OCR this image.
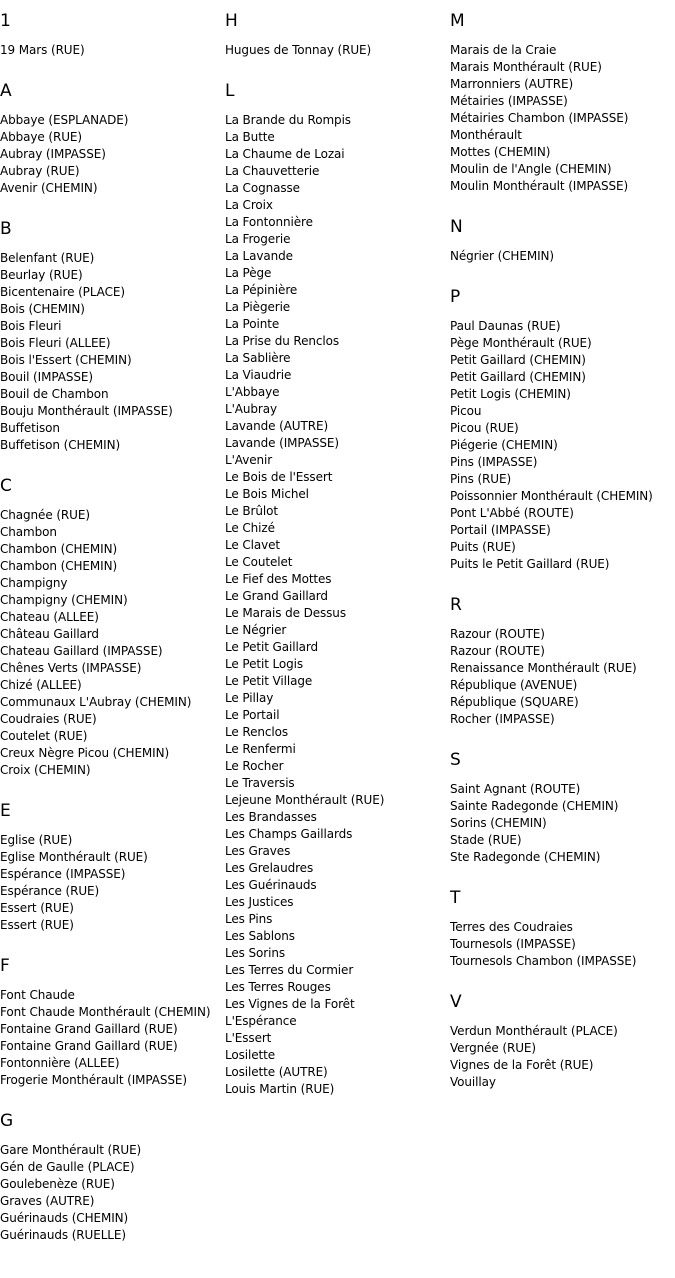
1
19 Mars (RUE)
A
Abbaye (ESPLANADE)
Abbaye (RUE)
Aubray (IMPASSE)
Aubray (RUE)
Avenir (CHEMIN)
B
Belenfant (RUE)
Beurlay (RUE)
Bicentenaire (PLACE)
Bois (CHEMIN)
Bois Fleuri
Bois Fleuri (ALLEE)
Bois l'Essert (CHEMIN)
Bouil (IMPASSE)
Bouil de Chambon
Bouju Monthérault (IMPASSE)
Buffetison
Buffetison (CHEMIN)
C
Chagnée (RUE)
Chambon
Chambon (CHEMIN)
Chambon (CHEMIN)
Champigny
Champigny (CHEMIN)
Chateau (ALLEE)
Château Gaillard
Chateau Gaillard (IMPASSE)
Chênes Verts (IMPASSE)
Chizé (ALLEE)
Communaux L'Aubray (CHEMIN)
Coudraies (RUE)
Coutelet (RUE)
Creux Nègre Picou (CHEMIN)
Croix (CHEMIN)
E
Eglise (RUE)
Eglise Monthérault (RUE)
Espérance (IMPASSE)
Espérance (RUE)
Essert (RUE)
Essert (RUE)
F
Font Chaude
Font Chaude Monthérault (CHEMIN)
Fontaine Grand Gaillard (RUE)
Fontaine Grand Gaillard (RUE)
Fontonnière (ALLEE)
Frogerie Monthérault (IMPASSE)
G
Gare Monthérault (RUE)
Gén de Gaulle (PLACE)
Goulebenèze (RUE)
Graves (AUTRE)
Guérinauds (CHEMIN)
Guérinauds (RUELLE)
H
Hugues de Tonnay (RUE)
L
La Brande du Rompis
La Butte
La Chaume de Lozai
La Chauvetterie
La Cognasse
La Croix
La Fontonnière
La Frogerie
La Lavande
La Pège
La Pépinière
La Piègerie
La Pointe
La Prise du Renclos
La Sablière
La Viaudrie
L'Abbaye
L'Aubray
Lavande (AUTRE)
Lavande (IMPASSE)
L'Avenir
Le Bois de l'Essert
Le Bois Michel
Le Brûlot
Le Chizé
Le Clavet
Le Coutelet
Le Fief des Mottes
Le Grand Gaillard
Le Marais de Dessus
Le Négrier
Le Petit Gaillard
Le Petit Logis
Le Petit Village
Le Pillay
Le Portail
Le Renclos
Le Renfermi
Le Rocher
Le Traversis
Lejeune Monthérault (RUE)
Les Brandasses
Les Champs Gaillards
Les Graves
Les Grelaudres
Les Guérinauds
Les Justices
Les Pins
Les Sablons
Les Sorins
Les Terres du Cormier
Les Terres Rouges
Les Vignes de la Forêt
L'Espérance
L'Essert
Losilette
Losilette (AUTRE)
Louis Martin (RUE)
M
Marais de la Craie
Marais Monthérault (RUE)
Marronniers (AUTRE)
Métairies (IMPASSE)
Métairies Chambon (IMPASSE)
Monthérault
Mottes (CHEMIN)
Moulin de l'Angle (CHEMIN)
Moulin Monthérault (IMPASSE)
N
Négrier (CHEMIN)
P
Paul Daunas (RUE)
Pège Monthérault (RUE)
Petit Gaillard (CHEMIN)
Petit Gaillard (CHEMIN)
Petit Logis (CHEMIN)
Picou
Picou (RUE)
Piégerie (CHEMIN)
Pins (IMPASSE)
Pins (RUE)
Poissonnier Monthérault (CHEMIN)
Pont L'Abbé (ROUTE)
Portail (IMPASSE)
Puits (RUE)
Puits le Petit Gaillard (RUE)
R
Razour (ROUTE)
Razour (ROUTE)
Renaissance Monthérault (RUE)
République (AVENUE)
République (SQUARE)
Rocher (IMPASSE)
S
Saint Agnant (ROUTE)
Sainte Radegonde (CHEMIN)
Sorins (CHEMIN)
Stade (RUE)
Ste Radegonde (CHEMIN)
T
Terres des Coudraies
Tournesols (IMPASSE)
Tournesols Chambon (IMPASSE)
V
Verdun Monthérault (PLACE)
Vergnée (RUE)
Vignes de la Forêt (RUE)
Vouillay
